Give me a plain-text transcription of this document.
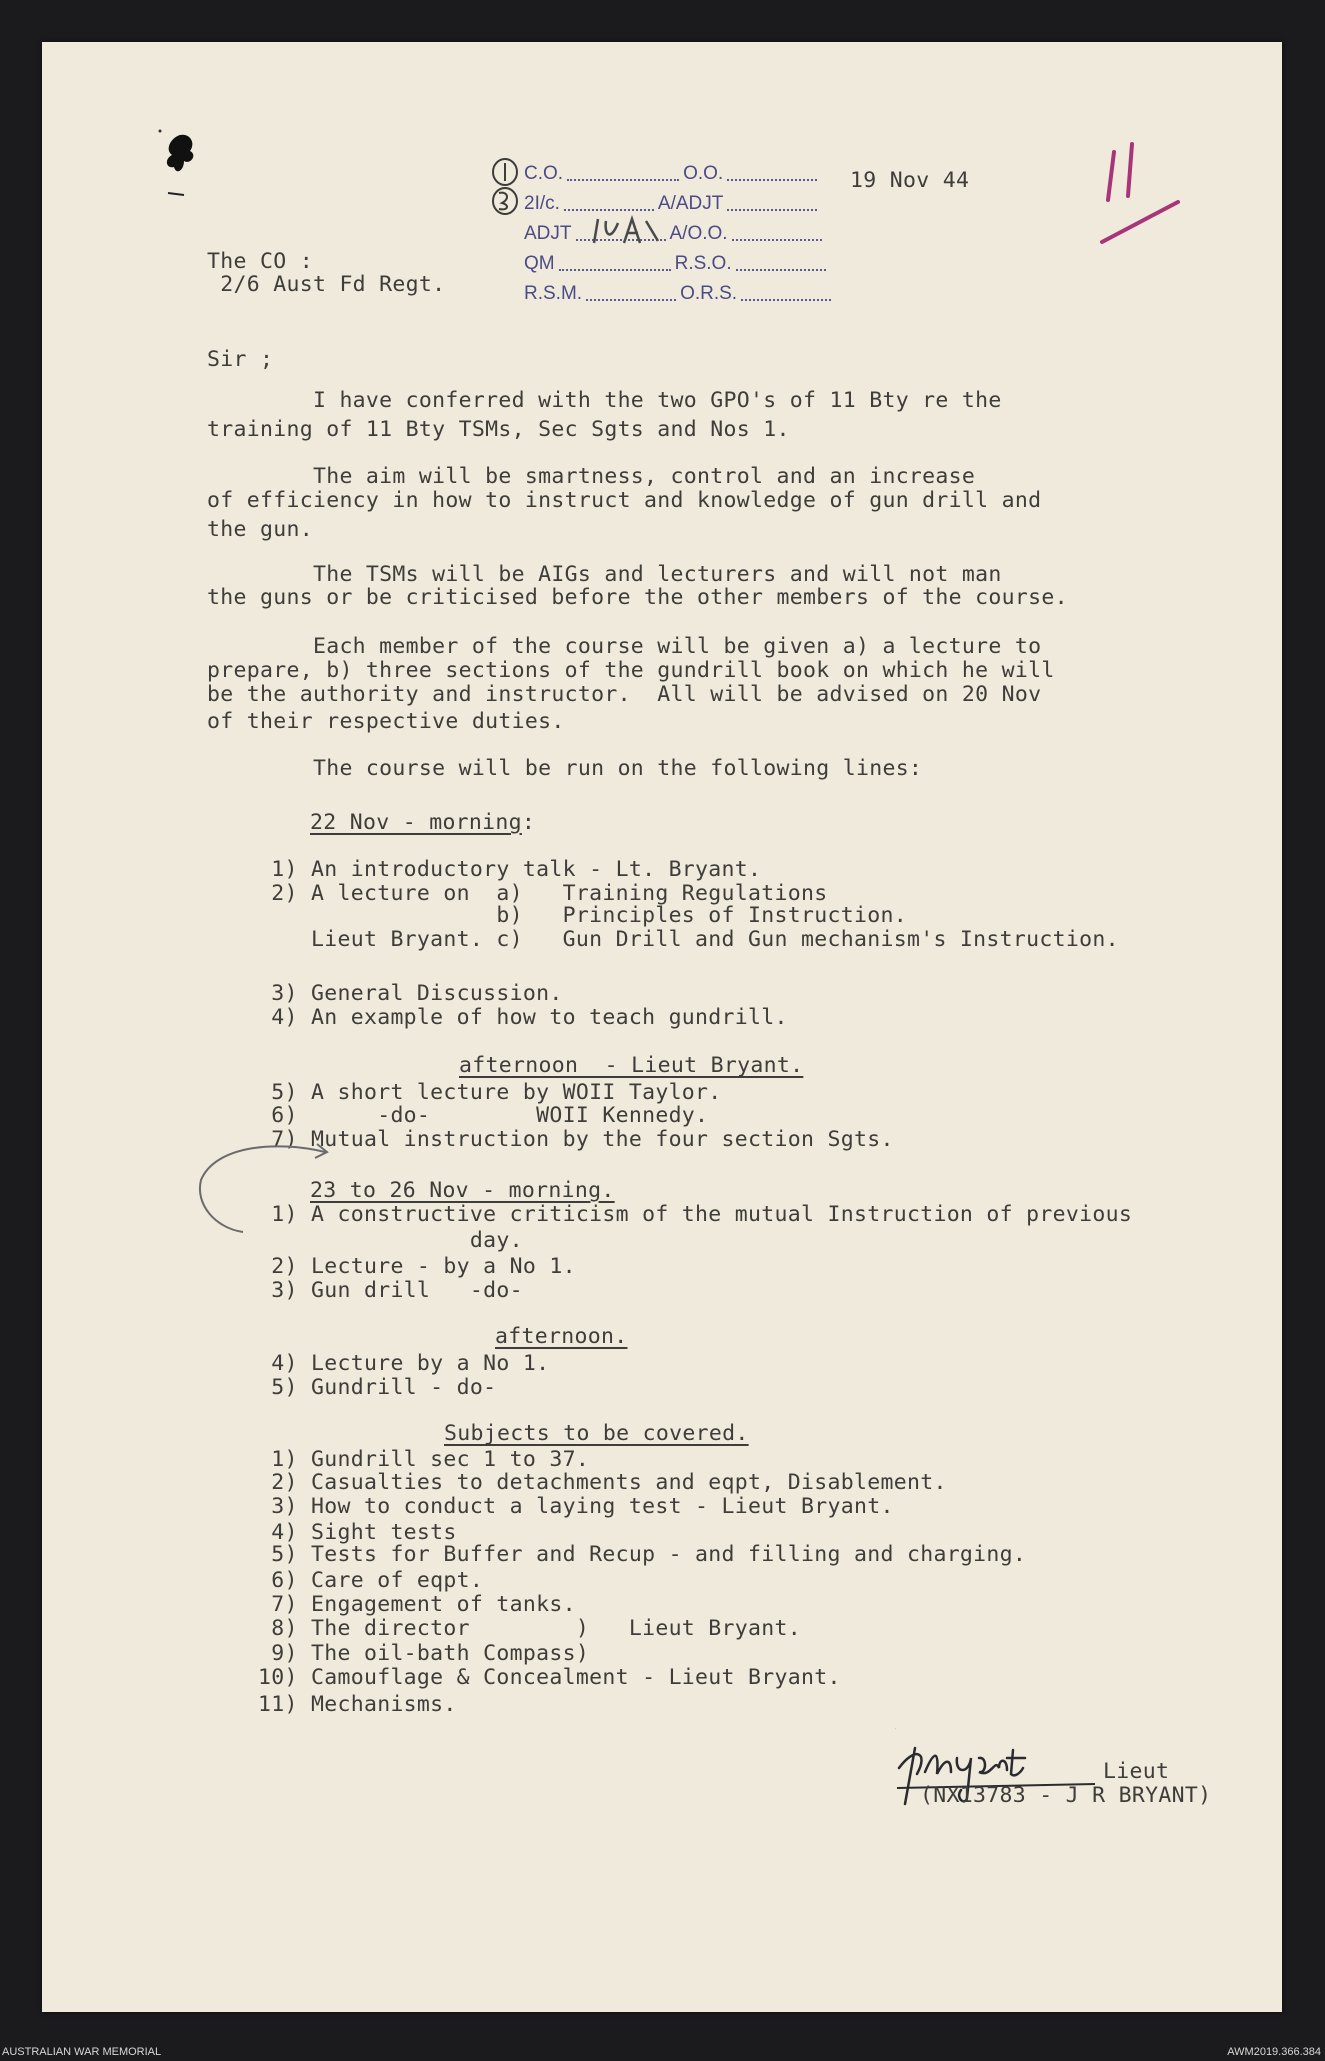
C.O.	O.O.
2I/c.	A/ADJT
ADJT	A/O.O.
QM	R.S.O.
R.S.M.	O.R.S.
11
19 Nov 44
The CO :
2/6 Aust Fd Regt.
Sir ;
I have conferred with the two GPO's of 11 Bty re the
training of 11 Bty TSMs, Sec Sgts and Nos 1.
The aim will be smartness, control and an increase
of efficiency in how to instruct and knowledge of gun drill and
the gun.
The TSMs will be AIGs and lecturers and will not man
the guns or be criticised before the other members of the course.
Each member of the course will be given a) a lecture to
prepare, b) three sections of the gundrill book on which he will
be the authority and instructor.  All will be advised on 20 Nov
of their respective duties.
The course will be run on the following lines:
22 Nov - morning :
1) An introductory talk - Lt. Bryant.
2) A lecture on  a)   Training Regulations
b)   Principles of Instruction.
Lieut Bryant. c)   Gun Drill and Gun mechanism's Instruction.
3) General Discussion.
4) An example of how to teach gundrill.
afternoon  - Lieut Bryant.
5) A short lecture by WOII Taylor.
6)      -do-        WOII Kennedy.
7) Mutual instruction by the four section Sgts.
23 to 26 Nov - morning.
1) A constructive criticism of the mutual Instruction of previous
day.
2) Lecture - by a No 1.
3) Gun drill   -do-
afternoon.
4) Lecture by a No 1.
5) Gundrill - do-
Subjects to be covered.
1) Gundrill sec 1 to 37.
2) Casualties to detachments and eqpt, Disablement.
3) How to conduct a laying test - Lieut Bryant.
4) Sight tests
5) Tests for Buffer and Recup - and filling and charging.
6) Care of eqpt.
7) Engagement of tanks.
8) The director        )   Lieut Bryant.
9) The oil-bath Compass)
10) Camouflage & Concealment - Lieut Bryant.
11) Mechanisms.
J.R.
Lieut
(NX13783 - J R BRYANT)
AUSTRALIAN WAR MEMORIAL	AWM2019.366.384
